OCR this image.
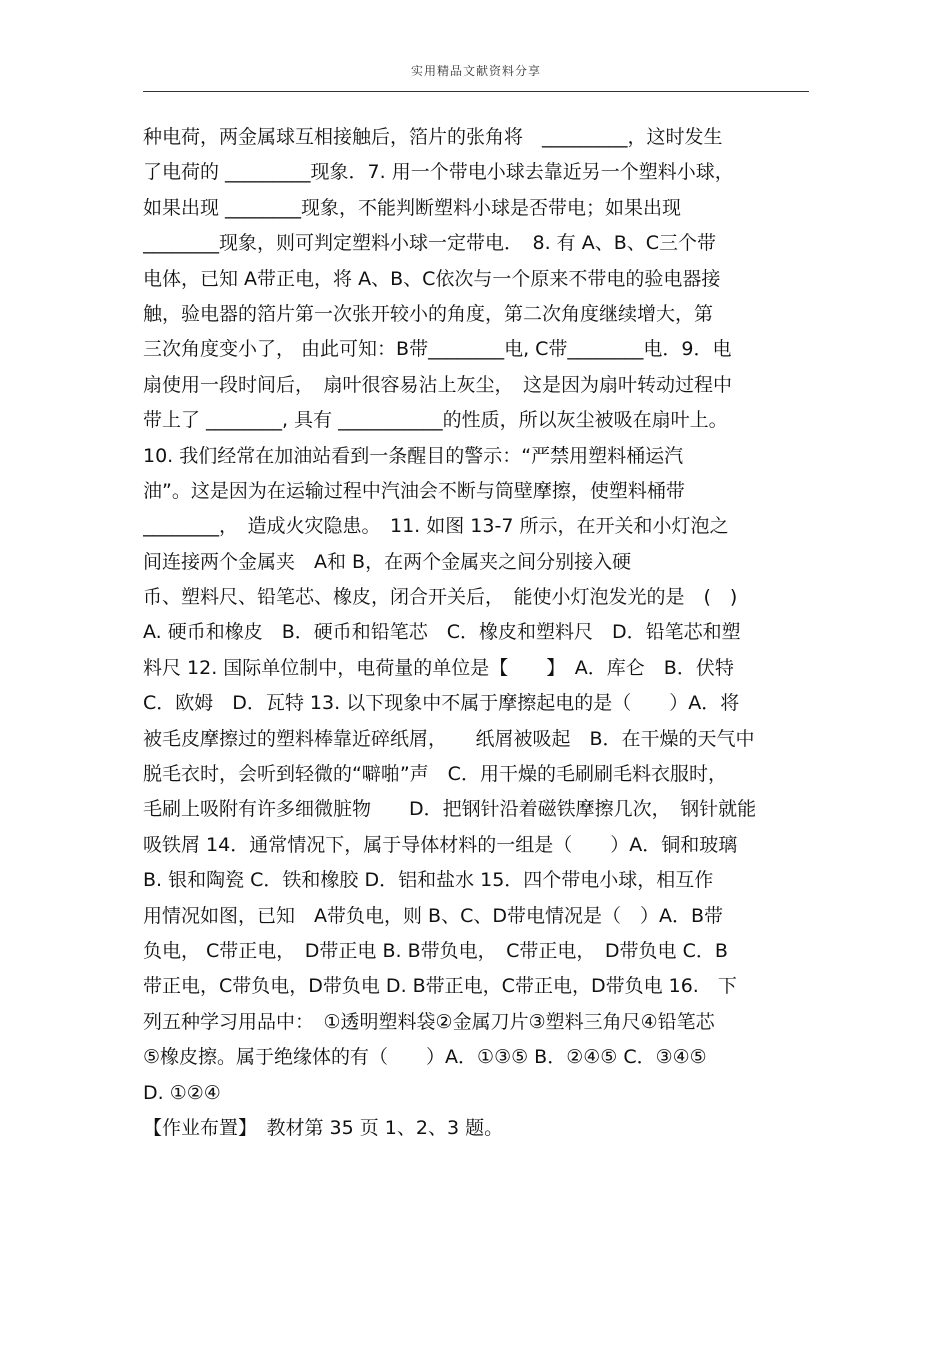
实用精品文献资料分享
种电荷，两金属球互相接触后，箔片的张角将　_________，这时发生
了电荷的 _________现象．7. 用一个带电小球去靠近另一个塑料小球，
如果出现 ________现象，不能判断塑料小球是否带电；如果出现
________现象，则可判定塑料小球一定带电．　8. 有 A、B、C三个带
电体，已知 A带正电，将 A、B、C依次与一个原来不带电的验电器接
触，验电器的箔片第一次张开较小的角度，第二次角度继续增大，第
三次角度变小了， 由此可知：B带________电, C带________电．9．电
扇使用一段时间后，　扇叶很容易沾上灰尘，　这是因为扇叶转动过程中
带上了 ________, 具有 ___________的性质，所以灰尘被吸在扇叶上。
10. 我们经常在加油站看到一条醒目的警示：“严禁用塑料桶运汽
油”。这是因为在运输过程中汽油会不断与筒壁摩擦，使塑料桶带
________，　造成火灾隐患。　11. 如图 13-7 所示，在开关和小灯泡之
间连接两个金属夹　A和 B，在两个金属夹之间分别接入硬
币、塑料尺、铅笔芯、橡皮，闭合开关后，　能使小灯泡发光的是　(　)
A. 硬币和橡皮　B．硬币和铅笔芯　C．橡皮和塑料尺　D．铅笔芯和塑
料尺 12. 国际单位制中，电荷量的单位是【　　】　A．库仑　B．伏特
C．欧姆　D．瓦特 13. 以下现象中不属于摩擦起电的是（　　）A．将
被毛皮摩擦过的塑料棒靠近碎纸屑，　　纸屑被吸起　B．在干燥的天气中
脱毛衣时，会听到轻微的“噼啪”声　C．用干燥的毛刷刷毛料衣服时，
毛刷上吸附有许多细微脏物　　D．把钢针沿着磁铁摩擦几次，　钢针就能
吸铁屑 14．通常情况下，属于导体材料的一组是（　　）A．铜和玻璃
B. 银和陶瓷 C．铁和橡胶 D．铝和盐水 15．四个带电小球，相互作
用情况如图，已知　A带负电，则 B、C、D带电情况是（　）A．B带
负电， C带正电，　D带正电 B. B带负电，　C带正电，　D带负电 C．B
带正电，C带负电，D带负电 D. B带正电，C带正电，D带负电 16.　下
列五种学习用品中：　①透明塑料袋②金属刀片③塑料三角尺④铅笔芯
⑤橡皮擦。属于绝缘体的有（　　）A．①③⑤ B．②④⑤ C．③④⑤
D. ①②④
【作业布置】　教材第 35 页 1、2、3 题。
